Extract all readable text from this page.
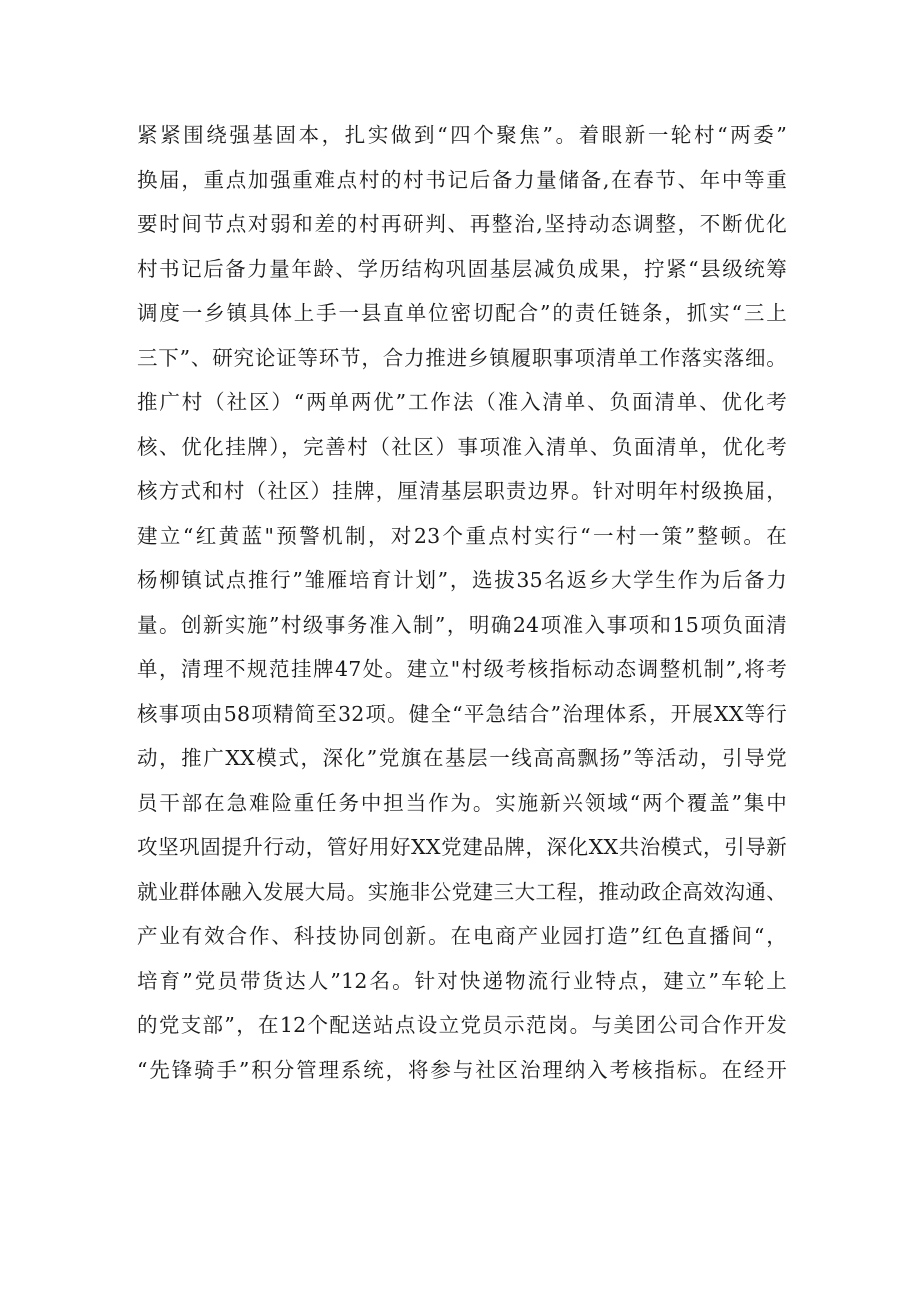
紧紧围绕强基固本，扎实做到“四个聚焦”。着眼新一轮村“两委”
换届，重点加强重难点村的村书记后备力量储备,在春节、年中等重
要时间节点对弱和差的村再研判、再整治,坚持动态调整，不断优化
村书记后备力量年龄、学历结构巩固基层减负成果，拧紧“县级统筹
调度一乡镇具体上手一县直单位密切配合”的责任链条，抓实“三上
三下”、研究论证等环节，合力推进乡镇履职事项清单工作落实落细。
推广村（社区）“两单两优”工作法（准入清单、负面清单、优化考
核、优化挂牌），完善村（社区）事项准入清单、负面清单，优化考
核方式和村（社区）挂牌，厘清基层职责边界。针对明年村级换届，
建立“红黄蓝"预警机制，对23个重点村实行“一村一策”整顿。在
杨柳镇试点推行”雏雁培育计划”，选拔35名返乡大学生作为后备力
量。创新实施”村级事务准入制”，明确24项准入事项和15项负面清
单，清理不规范挂牌47处。建立"村级考核指标动态调整机制”,将考
核事项由58项精简至32项。健全“平急结合”治理体系，开展XX等行
动，推广XX模式，深化”党旗在基层一线高高飘扬”等活动，引导党
员干部在急难险重任务中担当作为。实施新兴领域“两个覆盖”集中
攻坚巩固提升行动，管好用好XX党建品牌，深化XX共治模式，引导新
就业群体融入发展大局。实施非公党建三大工程，推动政企高效沟通、
产业有效合作、科技协同创新。在电商产业园打造”红色直播间“，
培育”党员带货达人”12名。针对快递物流行业特点，建立”车轮上
的党支部”，在12个配送站点设立党员示范岗。与美团公司合作开发
“先锋骑手”积分管理系统，将参与社区治理纳入考核指标。在经开
